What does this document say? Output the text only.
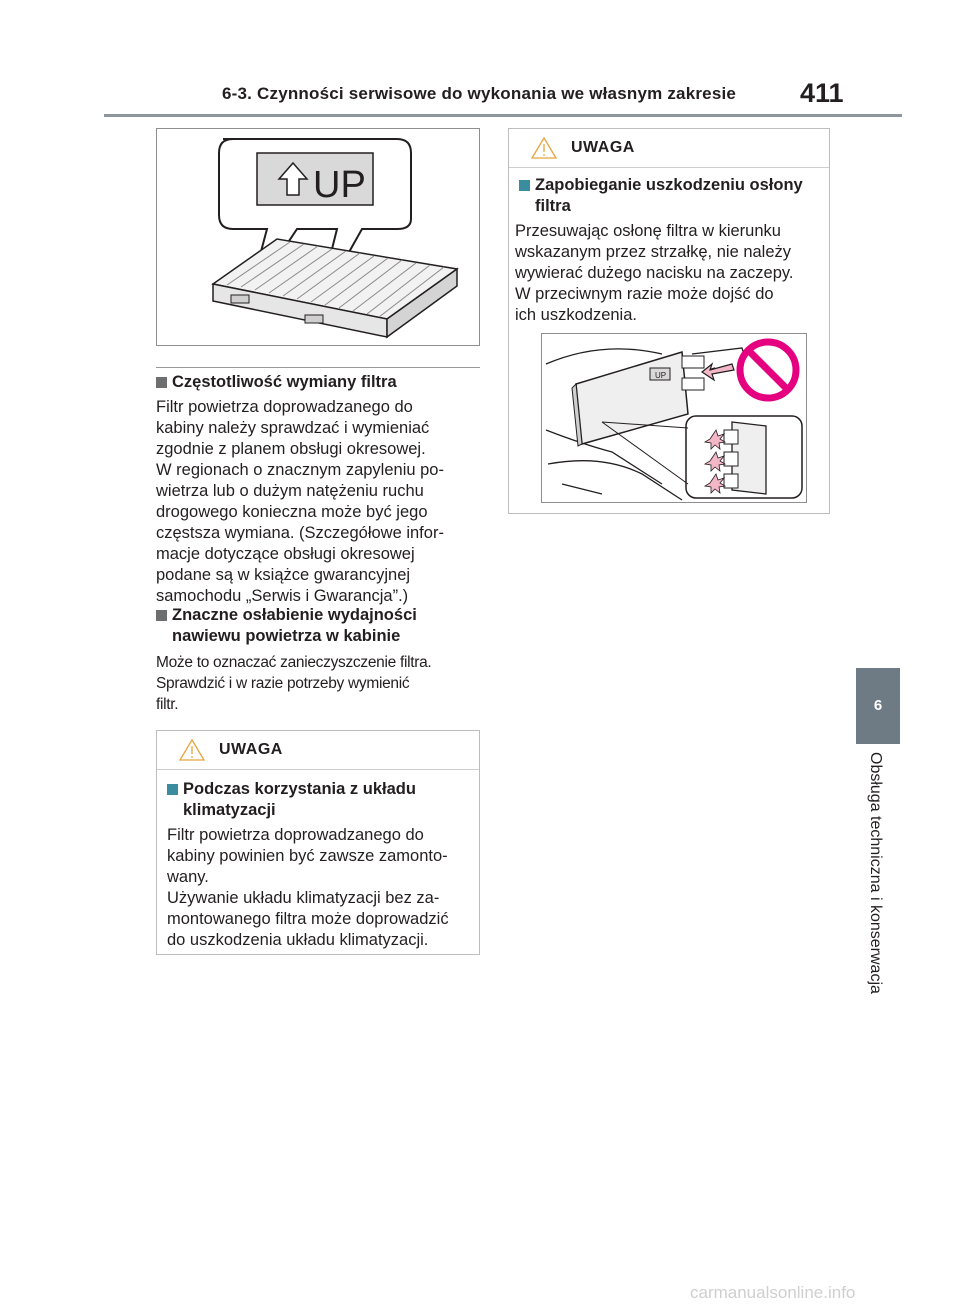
6-3. Czynności serwisowe do wykonania we własnym zakresie 411
UP
Częstotliwość wymiany filtra
Filtr powietrza doprowadzanego do
kabiny należy sprawdzać i wymieniać
zgodnie z planem obsługi okresowej.
W regionach o znacznym zapyleniu po-
wietrza lub o dużym natężeniu ruchu
drogowego konieczna może być jego
częstsza wymiana. (Szczegółowe infor-
macje dotyczące obsługi okresowej
podane są w książce gwarancyjnej
samochodu „Serwis i Gwarancja”.)
Znaczne osłabienie wydajności
nawiewu powietrza w kabinie
Może to oznaczać zanieczyszczenie filtra.
Sprawdzić i w razie potrzeby wymienić
filtr.
UWAGA
Podczas korzystania z układu
klimatyzacji
Filtr powietrza doprowadzanego do
kabiny powinien być zawsze zamonto-
wany.
Używanie układu klimatyzacji bez za-
montowanego filtra może doprowadzić
do uszkodzenia układu klimatyzacji.
UWAGA
Zapobieganie uszkodzeniu osłony
filtra
Przesuwając osłonę filtra w kierunku
wskazanym przez strzałkę, nie należy
wywierać dużego nacisku na zaczepy.
W przeciwnym razie może dojść do
ich uszkodzenia.
UP
6
Obsługa techniczna i konserwacja
carmanualsonline.info
